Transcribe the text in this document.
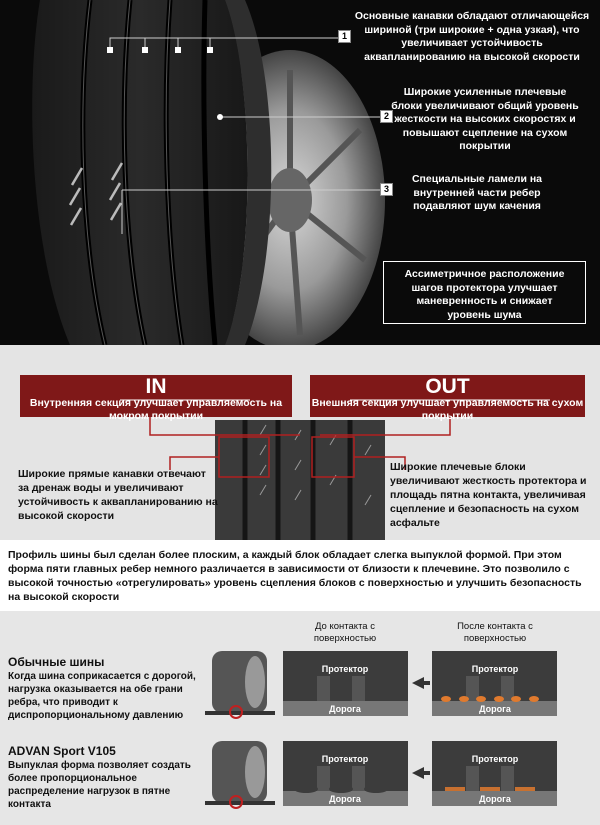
1
Основные канавки обладают отличающейся шириной (три широкие + одна узкая), что увеличивает устойчивость аквапланированию на высокой скорости
2
Широкие усиленные плечевые блоки увеличивают общий уровень жесткости на высоких скоростях и повышают сцепление на сухом покрытии
3
Специальные ламели на внутренней части ребер подавляют шум качения
Ассиметричное расположение шагов протектора улучшает маневренность и снижает уровень шума
IN
Внутренняя секция улучшает управляемость на мокром покрытии
OUT
Внешняя секция улучшает управляемость на сухом покрытии
Широкие прямые канавки отвечают за дренаж воды и увеличивают устойчивость к аквапланированию на высокой скорости
Широкие плечевые блоки увеличивают жесткость протектора и площадь пятна контакта, увеличивая сцепление и безопасность на сухом асфальте
Профиль шины был сделан более плоским, а каждый блок обладает слегка выпуклой формой. При этом форма пяти главных ребер немного различается в зависимости от близости к плечевине. Это позволило с высокой точностью «отрегулировать» уровень сцепления блоков с поверхностью и улучшить безопасность на высокой скорости
До контакта с поверхностью
После контакта с поверхностью
Обычные шины
Когда шина соприкасается с дорогой, нагрузка оказывается на обе грани ребра, что приводит к диспропорциональному давлению
Протектор
Дорога
Протектор
Дорога
ADVAN Sport V105
Выпуклая форма позволяет создать более пропорциональное распределение нагрузок в пятне контакта
Протектор
Дорога
Протектор
Дорога
